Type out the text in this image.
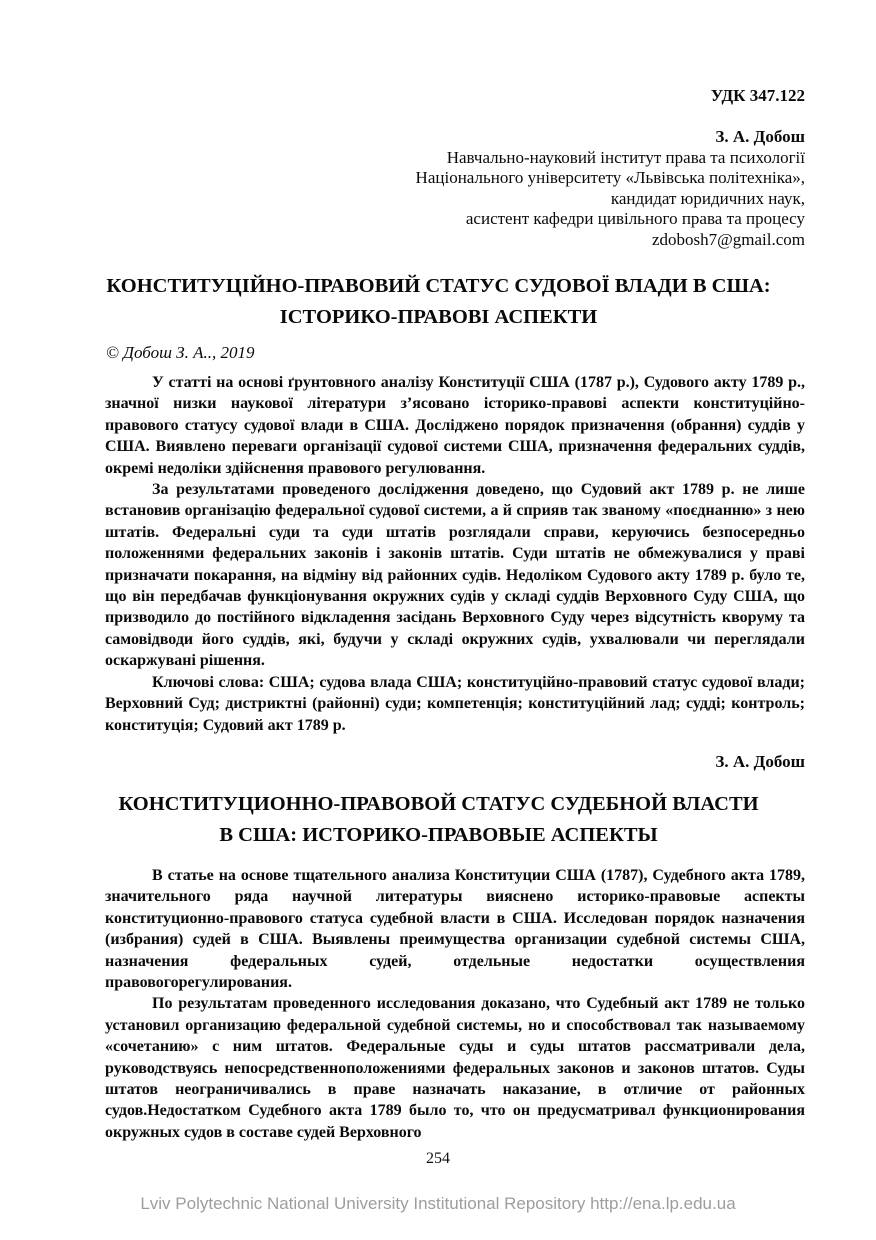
УДК 347.122
З. А. Добош
Навчально-науковий інститут права та психології
Національного університету «Львівська політехніка»,
кандидат юридичних наук,
асистент кафедри цивільного права та процесу
zdobosh7@gmail.com
КОНСТИТУЦІЙНО-ПРАВОВИЙ СТАТУС СУДОВОЇ ВЛАДИ В США:
ІСТОРИКО-ПРАВОВІ АСПЕКТИ
© Добош З. А.., 2019

У статті на основі ґрунтовного аналізу Конституції США (1787 р.), Судового акту 1789 р., значної низки наукової літератури з’ясовано історико-правові аспекти конституційно-правового статусу судової влади в США. Досліджено порядок призначення (обрання) суддів у США. Виявлено переваги організації судової системи США, призначення федеральних суддів, окремі недоліки здійснення правового регулювання.

За результатами проведеного дослідження доведено, що Судовий акт 1789 р. не лише встановив організацію федеральної судової системи, а й сприяв так званому «поєднанню» з нею штатів. Федеральні суди та суди штатів розглядали справи, керуючись безпосередньо положеннями федеральних законів і законів штатів. Суди штатів не обмежувалися у праві призначати покарання, на відміну від районних судів. Недоліком Судового акту 1789 р. було те, що він передбачав функціонування окружних судів у складі суддів Верховного Суду США, що призводило до постійного відкладення засідань Верховного Суду через відсутність кворуму та самовідводи його суддів, які, будучи у складі окружних судів, ухвалювали чи переглядали оскаржувані рішення.

Ключові слова: США; судова влада США; конституційно-правовий статус судової влади; Верховний Суд; дистриктні (районні) суди; компетенція; конституційний лад; судді; контроль; конституція; Судовий акт 1789 р.

З. А. Добош
КОНСТИТУЦИОННО-ПРАВОВОЙ СТАТУС СУДЕБНОЙ ВЛАСТИ
В США: ИСТОРИКО-ПРАВОВЫЕ АСПЕКТЫ

В статье на основе тщательного анализа Конституции США (1787), Судебного акта 1789, значительного ряда научной литературы вияснено историко-правовые аспекты конституционно-правового статуса судебной власти в США. Исследован порядок назначения (избрания) судей в США. Выявлены преимущества организации судебной системы США, назначения федеральных судей, отдельные недостатки осуществления правовогорегулирования.

По результатам проведенного исследования доказано, что Судебный акт 1789 не только установил организацию федеральной судебной системы, но и способствовал так называемому «сочетанию» с ним штатов. Федеральные суды и суды штатов рассматривали дела, руководствуясь непосредственноположениями федеральных законов и законов штатов. Суды штатов неограничивались в праве назначать наказание, в отличие от районных судов.Недостатком Судебного акта 1789 было то, что он предусматривал функционирования окружных судов в составе судей Верховного

254
Lviv Polytechnic National University Institutional Repository http://ena.lp.edu.ua
